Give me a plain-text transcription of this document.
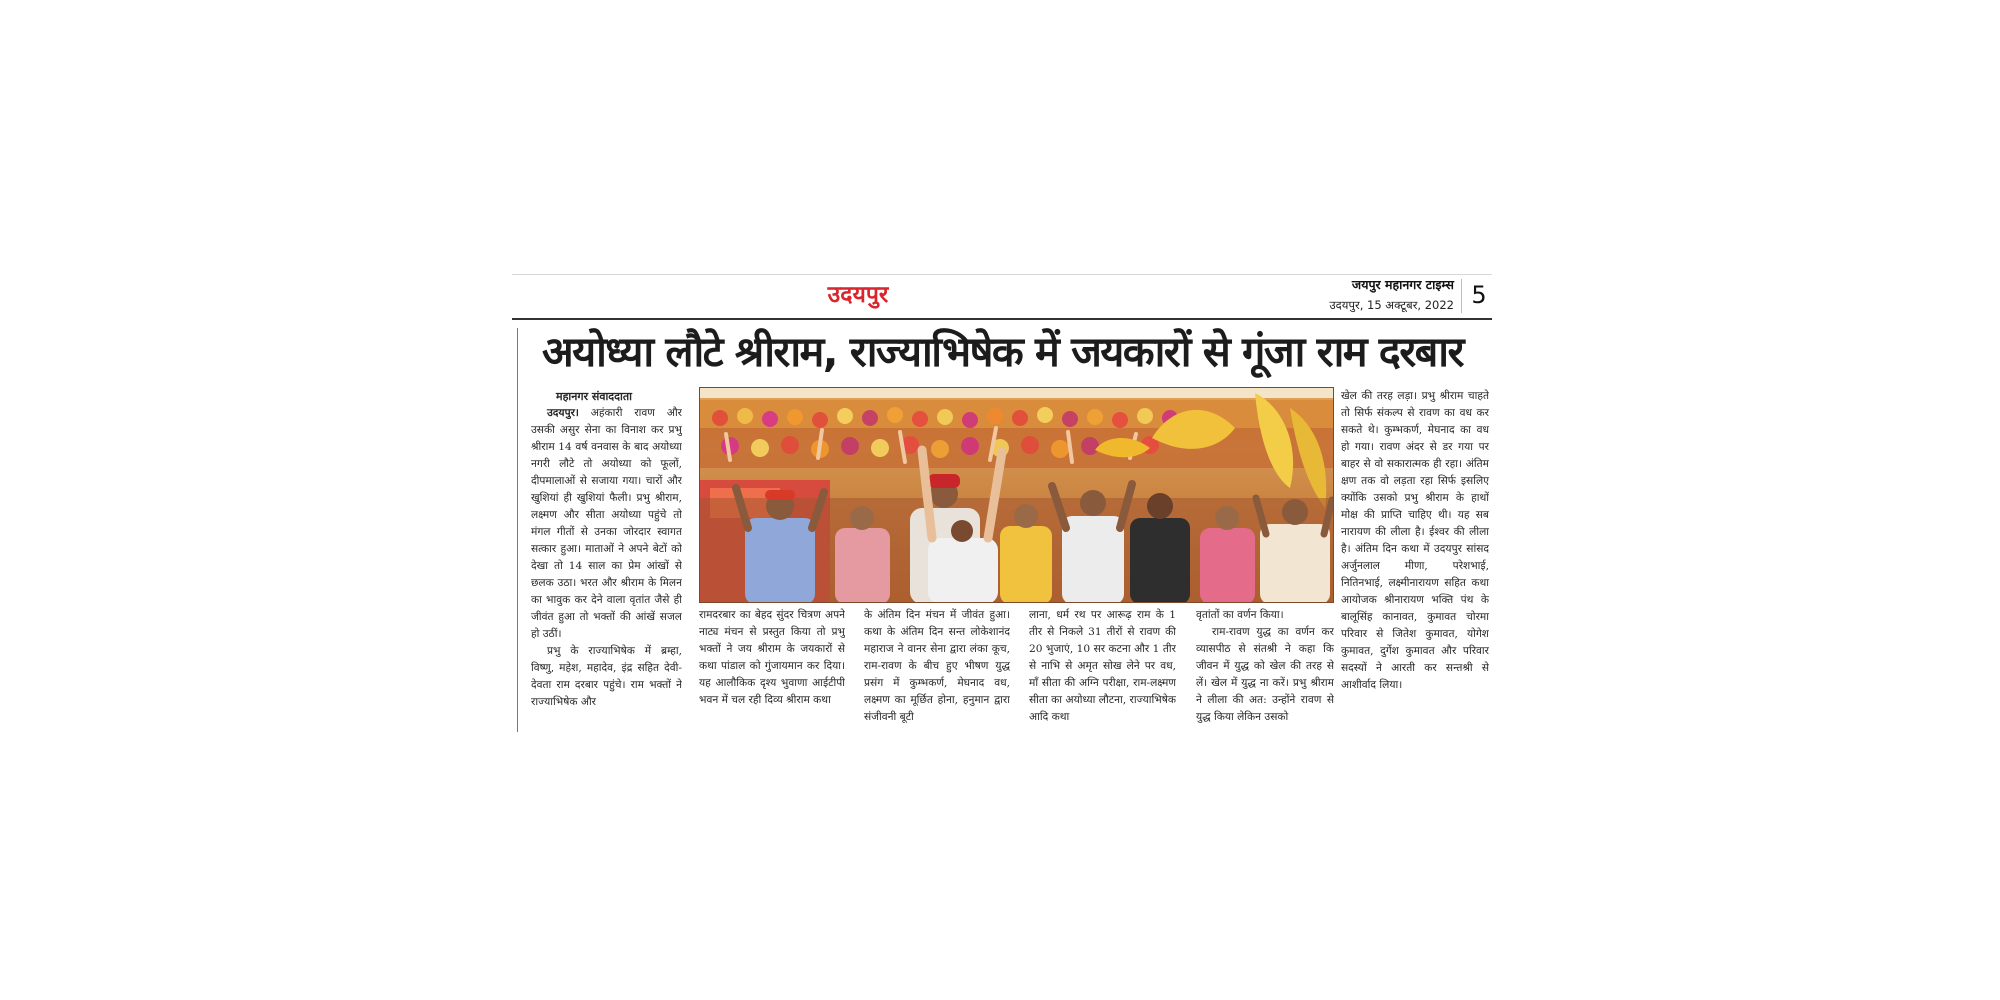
उदयपुर	जयपुर महानगर टाइम्स
उदयपुर, 15 अक्टूबर, 2022 5
अयोध्या लौटे श्रीराम, राज्याभिषेक में जयकारों से गूंजा राम दरबार
महानगर संवाददाता

उदयपुर। अहंकारी रावण और उसकी असुर सेना का विनाश कर प्रभु श्रीराम 14 वर्ष वनवास के बाद अयोध्या नगरी लौटे तो अयोध्या को फूलों, दीपमालाओं से सजाया गया। चारों और खुशियां ही खुशियां फैली। प्रभु श्रीराम, लक्ष्मण और सीता अयोध्या पहुंचे तो मंगल गीतों से उनका जोरदार स्वागत सत्कार हुआ। माताओं ने अपने बेटों को देखा तो 14 साल का प्रेम आंखों से छलक उठा। भरत और श्रीराम के मिलन का भावुक कर देने वाला वृतांत जैसे ही जीवंत हुआ तो भक्तों की आंखें सजल हो उठीं।

प्रभु के राज्याभिषेक में ब्रम्हा, विष्णु, महेश, महादेव, इंद्र सहित देवी-देवता राम दरबार पहुंचे। राम भक्तों ने राज्याभिषेक और

रामदरबार का बेहद सुंदर चित्रण अपने नाट्य मंचन से प्रस्तुत किया तो प्रभु भक्तों ने जय श्रीराम के जयकारों से कथा पांडाल को गुंजायमान कर दिया। यह आलौकिक दृश्य भुवाणा आईटीपी भवन में चल रही दिव्य श्रीराम कथा

के अंतिम दिन मंचन में जीवंत हुआ। कथा के अंतिम दिन सन्त लोकेशानंद महाराज ने वानर सेना द्वारा लंका कूच, राम-रावण के बीच हुए भीषण युद्ध प्रसंग में कुम्भकर्ण, मेघनाद वध, लक्ष्मण का मूर्छित होना, हनुमान द्वारा संजीवनी बूटी

लाना, धर्म रथ पर आरूढ़ राम के 1 तीर से निकले 31 तीरों से रावण की 20 भुजाएं, 10 सर कटना और 1 तीर से नाभि से अमृत सोख लेने पर वध, माँ सीता की अग्नि परीक्षा, राम-लक्ष्मण सीता का अयोध्या लौटना, राज्याभिषेक आदि कथा

वृतांतों का वर्णन किया।

राम-रावण युद्ध का वर्णन कर व्यासपीठ से संतश्री ने कहा कि जीवन में युद्ध को खेल की तरह से लें। खेल में युद्ध ना करें। प्रभु श्रीराम ने लीला की अत: उन्होंने रावण से युद्ध किया लेकिन उसको

खेल की तरह लड़ा। प्रभु श्रीराम चाहते तो सिर्फ संकल्प से रावण का वध कर सकते थे। कुम्भकर्ण, मेघनाद का वध हो गया। रावण अंदर से डर गया पर बाहर से वो सकारात्मक ही रहा। अंतिम क्षण तक वो लड़ता रहा सिर्फ इसलिए क्योंकि उसको प्रभु श्रीराम के हाथों मोक्ष की प्राप्ति चाहिए थी। यह सब नारायण की लीला है। ईश्वर की लीला है। अंतिम दिन कथा में उदयपुर सांसद अर्जुनलाल मीणा, परेशभाई, नितिनभाई, लक्ष्मीनारायण सहित कथा आयोजक श्रीनारायण भक्ति पंथ के बालूसिंह कानावत, कुमावत चोरमा परिवार से जितेश कुमावत, योगेश कुमावत, दुर्गेश कुमावत और परिवार सदस्यों ने आरती कर सन्तश्री से आशीर्वाद लिया।
